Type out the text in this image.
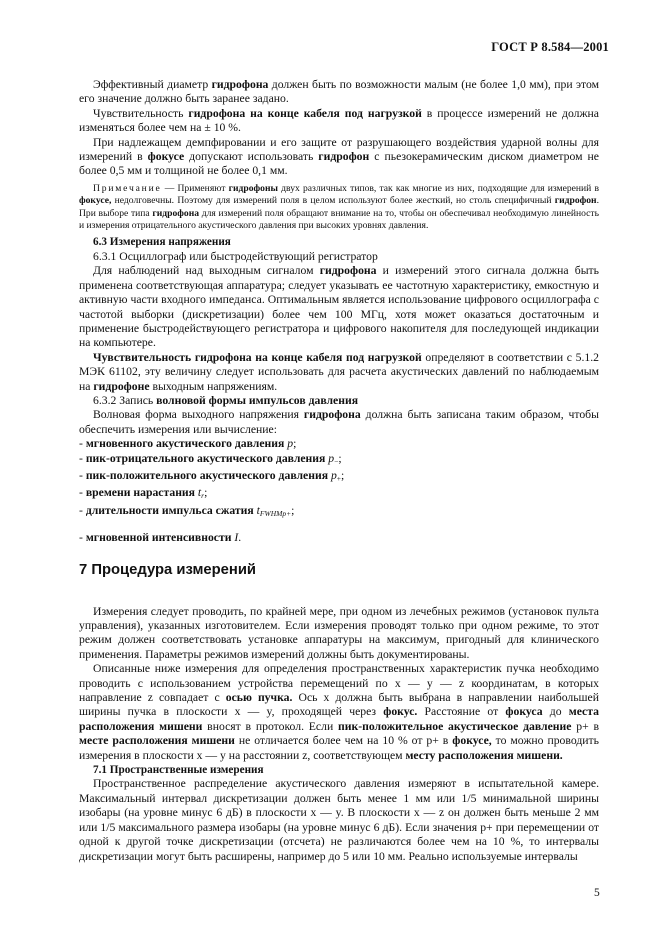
ГОСТ Р 8.584—2001

Эффективный диаметр гидрофона должен быть по возможности малым (не более 1,0 мм), при этом его значение должно быть заранее задано.

Чувствительность гидрофона на конце кабеля под нагрузкой в процессе измерений не должна изменяться более чем на ± 10 %.

При надлежащем демпфировании и его защите от разрушающего воздействия ударной волны для измерений в фокусе допускают использовать гидрофон с пьезокерамическим диском диаметром не более 0,5 мм и толщиной не более 0,1 мм.

Примечание — Применяют гидрофоны двух различных типов, так как многие из них, подходящие для измерений в фокусе, недолговечны. Поэтому для измерений поля в целом используют более жесткий, но столь специфичный гидрофон. При выборе типа гидрофона для измерений поля обращают внимание на то, чтобы он обеспечивал необходимую линейность и измерения отрицательного акустического давления при высоких уровнях давления.

6.3 Измерения напряжения

6.3.1 Осциллограф или быстродействующий регистратор

Для наблюдений над выходным сигналом гидрофона и измерений этого сигнала должна быть применена соответствующая аппаратура; следует указывать ее частотную характеристику, емкостную и активную части входного импеданса. Оптимальным является использование цифрового осциллографа с частотой выборки (дискретизации) более чем 100 МГц, хотя может оказаться достаточным и применение быстродействующего регистратора и цифрового накопителя для последующей индикации на компьютере.

Чувствительность гидрофона на конце кабеля под нагрузкой определяют в соответствии с 5.1.2 МЭК 61102, эту величину следует использовать для расчета акустических давлений по наблюдаемым на гидрофоне выходным напряжениям.

6.3.2 Запись волновой формы импульсов давления

Волновая форма выходного напряжения гидрофона должна быть записана таким образом, чтобы обеспечить измерения или вычисление:

- мгновенного акустического давления p;
- пик-отрицательного акустического давления $p_-$;
- пик-положительного акустического давления $p_+$;
- времени нарастания $t_r$;
- длительности импульса сжатия $t_{FWHMp+}$;
- мгновенной интенсивности I.

7 Процедура измерений

Измерения следует проводить, по крайней мере, при одном из лечебных режимов (установок пульта управления), указанных изготовителем. Если измерения проводят только при одном режиме, то этот режим должен соответствовать установке аппаратуры на максимум, пригодный для клинического применения. Параметры режимов измерений должны быть документированы.

Описанные ниже измерения для определения пространственных характеристик пучка необходимо проводить с использованием устройства перемещений по x — y — z координатам, в которых направление z совпадает с осью пучка. Ось x должна быть выбрана в направлении наибольшей ширины пучка в плоскости x — y, проходящей через фокус. Расстояние от фокуса до места расположения мишени вносят в протокол. Если пик-положительное акустическое давление p+ в месте расположения мишени не отличается более чем на 10 % от p+ в фокусе, то можно проводить измерения в плоскости x — y на расстоянии z, соответствующем месту расположения мишени.

7.1 Пространственные измерения

Пространственное распределение акустического давления измеряют в испытательной камере. Максимальный интервал дискретизации должен быть менее 1 мм или 1/5 минимальной ширины изобары (на уровне минус 6 дБ) в плоскости x — y. В плоскости x — z он должен быть меньше 2 мм или 1/5 максимального размера изобары (на уровне минус 6 дБ). Если значения p+ при перемещении от одной к другой точке дискретизации (отсчета) не различаются более чем на 10 %, то интервалы дискретизации могут быть расширены, например до 5 или 10 мм. Реально используемые интервалы

5
